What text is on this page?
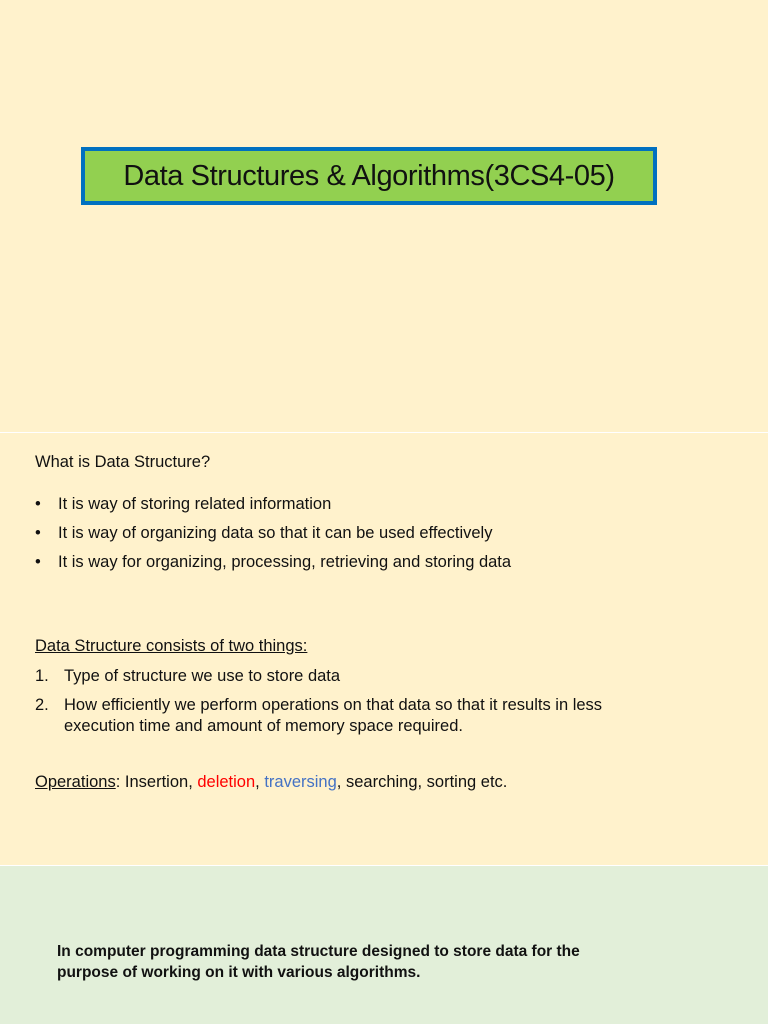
Data Structures & Algorithms(3CS4-05)
What is Data Structure?
• It is way of storing related information
• It is way of organizing data so that it can be used effectively
• It is way for organizing, processing, retrieving and storing data
Data Structure consists of two things:
1. Type of structure we use to store data
2. How efficiently we perform operations on that data so that it results in less execution time and amount of memory space required.
Operations: Insertion, deletion, traversing, searching, sorting etc.
In computer programming data structure designed to store data for the purpose of working on it with various algorithms.
